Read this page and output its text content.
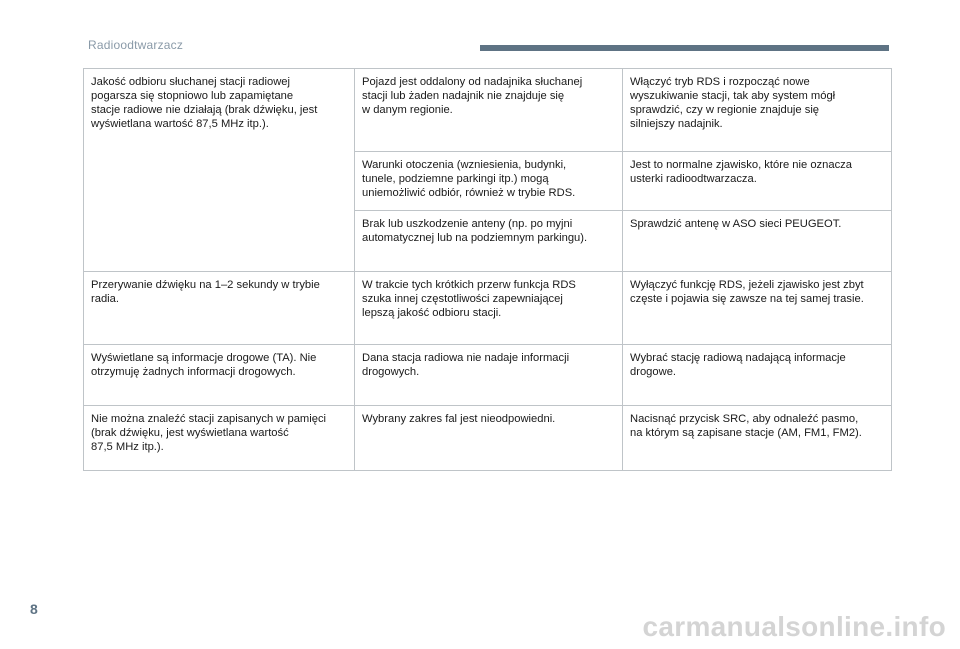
Radioodtwarzacz
Jakość odbioru słuchanej stacji radiowej
pogarsza się stopniowo lub zapamiętane
stacje radiowe nie działają (brak dźwięku, jest
wyświetlana wartość 87,5 MHz itp.).	Pojazd jest oddalony od nadajnika słuchanej
stacji lub żaden nadajnik nie znajduje się
w danym regionie.	Włączyć tryb RDS i rozpocząć nowe
wyszukiwanie stacji, tak aby system mógł
sprawdzić, czy w regionie znajduje się
silniejszy nadajnik.

	Warunki otoczenia (wzniesienia, budynki,
tunele, podziemne parkingi itp.) mogą
uniemożliwić odbiór, również w trybie RDS.	Jest to normalne zjawisko, które nie oznacza
usterki radioodtwarzacza.

	Brak lub uszkodzenie anteny (np. po myjni
automatycznej lub na podziemnym parkingu).	Sprawdzić antenę w ASO sieci PEUGEOT.

Przerywanie dźwięku na 1–2 sekundy w trybie
radia.	W trakcie tych krótkich przerw funkcja RDS
szuka innej częstotliwości zapewniającej
lepszą jakość odbioru stacji.	Wyłączyć funkcję RDS, jeżeli zjawisko jest zbyt
częste i pojawia się zawsze na tej samej trasie.

Wyświetlane są informacje drogowe (TA). Nie
otrzymuję żadnych informacji drogowych.	Dana stacja radiowa nie nadaje informacji
drogowych.	Wybrać stację radiową nadającą informacje
drogowe.

Nie można znaleźć stacji zapisanych w pamięci
(brak dźwięku, jest wyświetlana wartość
87,5 MHz itp.).	Wybrany zakres fal jest nieodpowiedni.	Nacisnąć przycisk SRC, aby odnaleźć pasmo,
na którym są zapisane stacje (AM, FM1, FM2).
8
carmanualsonline.info
